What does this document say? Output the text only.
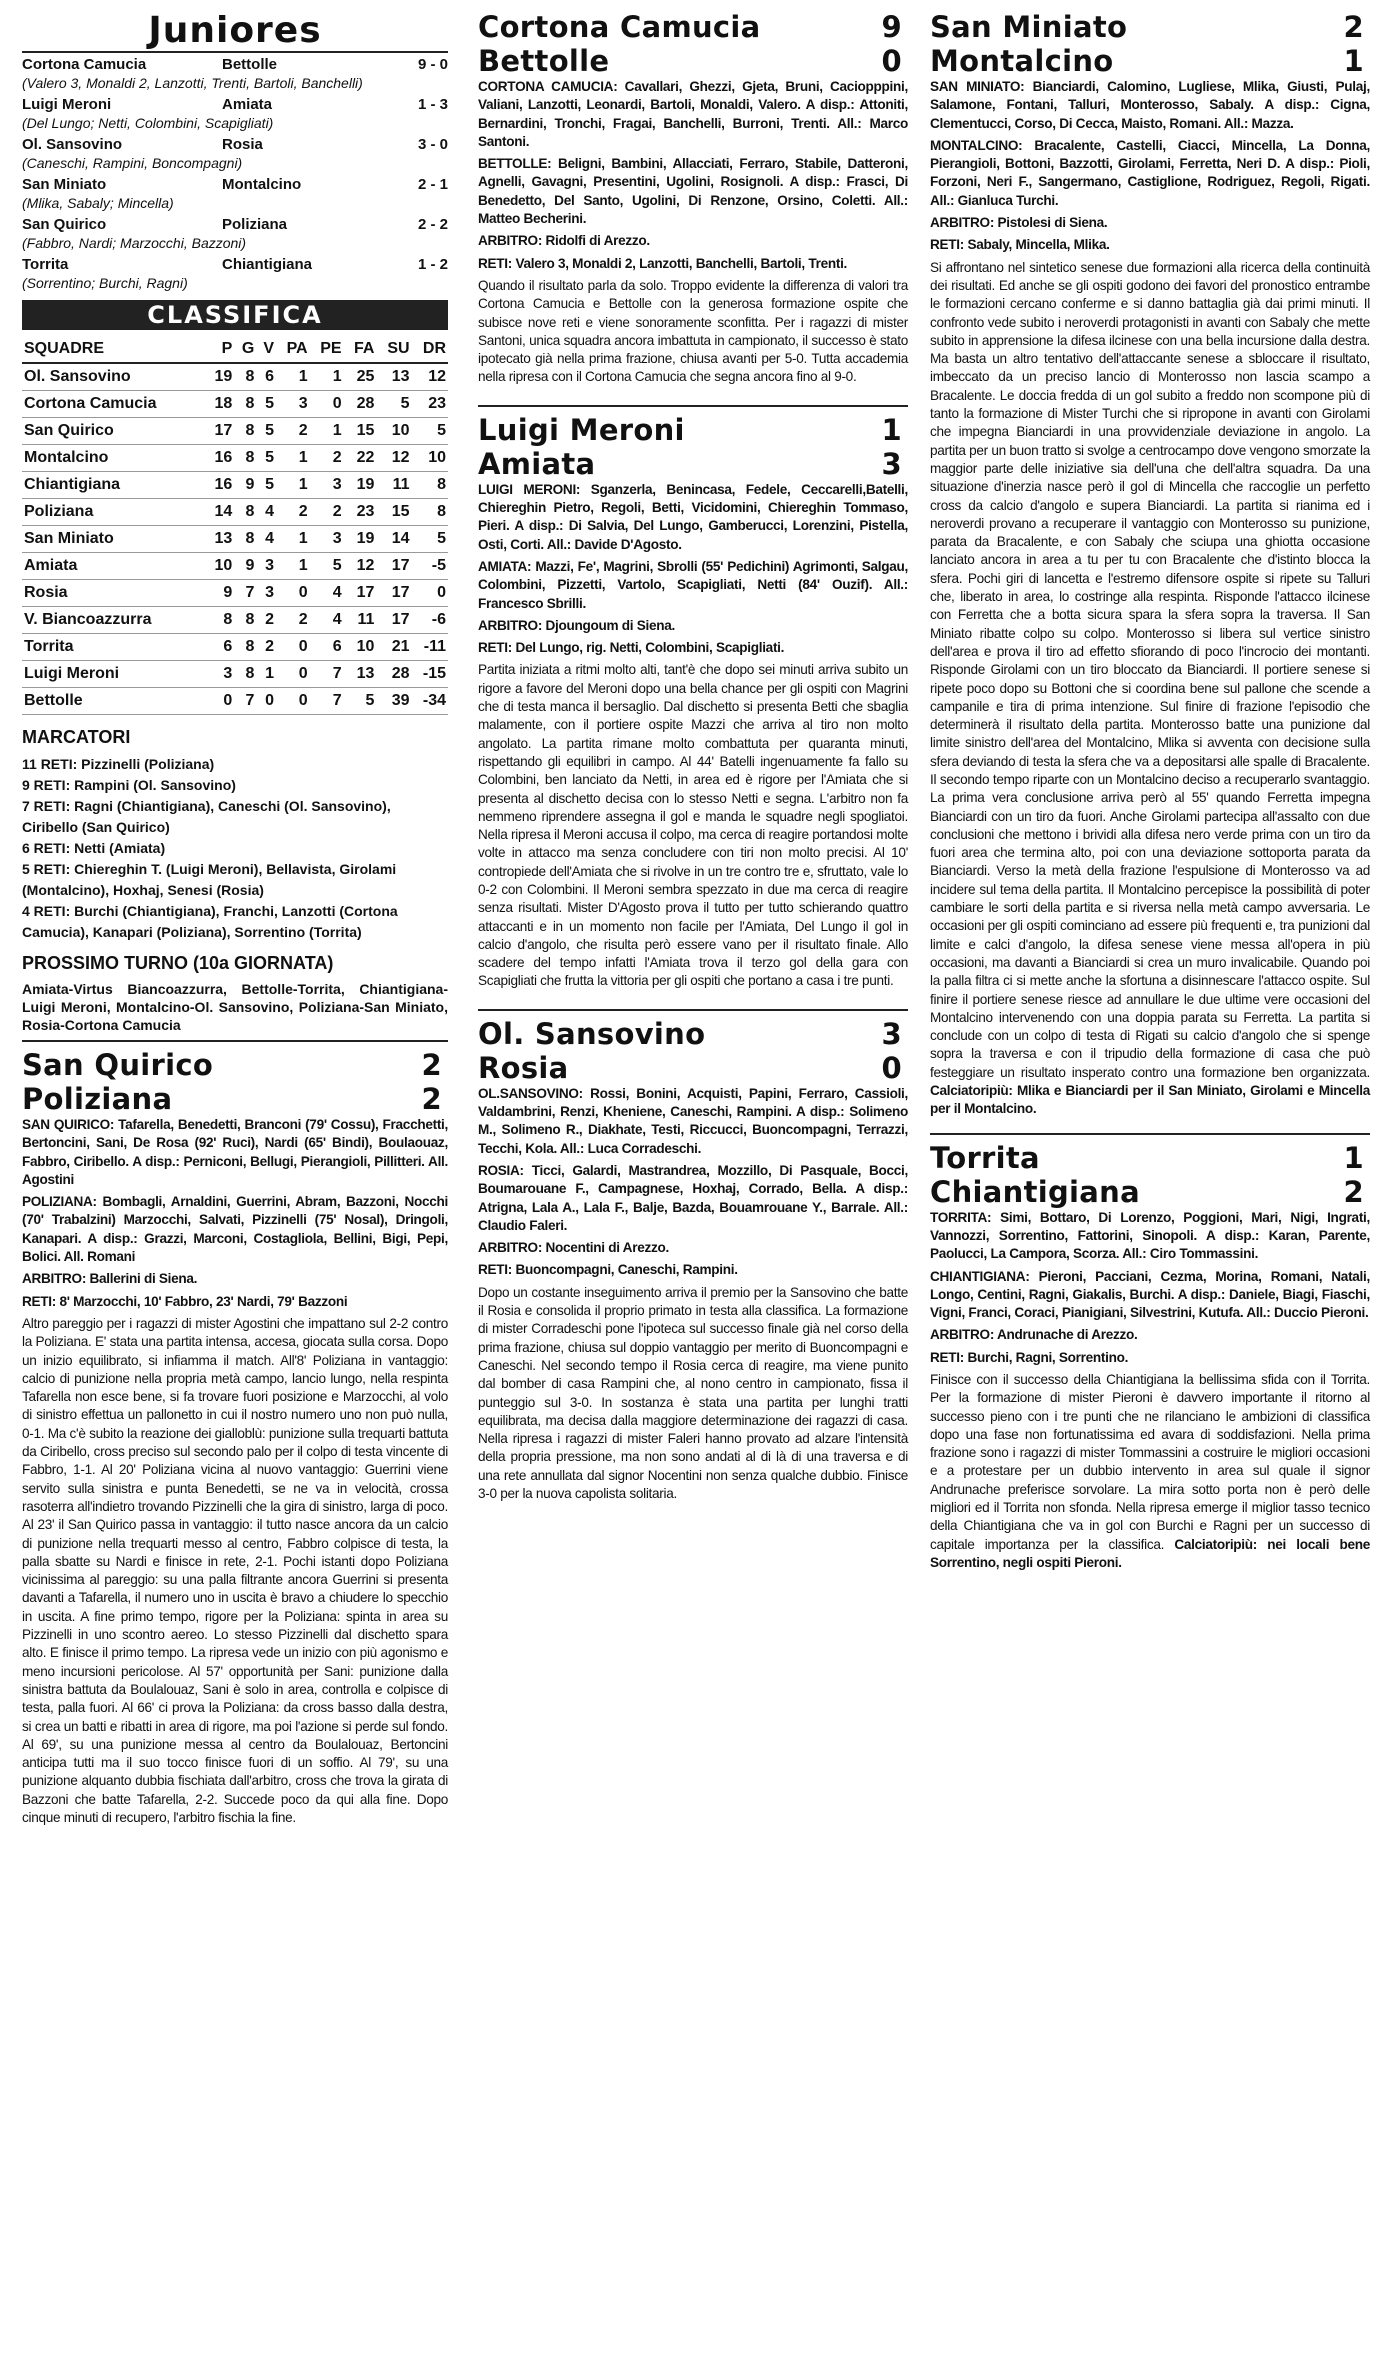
Juniores
Cortona Camucia	Bettolle	9 - 0
(Valero 3, Monaldi 2, Lanzotti, Trenti, Bartoli, Banchelli)
Luigi Meroni	Amiata	1 - 3
(Del Lungo; Netti, Colombini, Scapigliati)
Ol. Sansovino	Rosia	3 - 0
(Caneschi, Rampini, Boncompagni)
San Miniato	Montalcino	2 - 1
(Mlika, Sabaly; Mincella)
San Quirico	Poliziana	2 - 2
(Fabbro, Nardi; Marzocchi, Bazzoni)
Torrita	Chiantigiana	1 - 2
(Sorrentino; Burchi, Ragni)
CLASSIFICA
SQUADRE	P	G	V	PA	PE	FA	SU	DR
Ol. Sansovino	19	8	6	1	1	25	13	12
Cortona Camucia	18	8	5	3	0	28	5	23
San Quirico	17	8	5	2	1	15	10	5
Montalcino	16	8	5	1	2	22	12	10
Chiantigiana	16	9	5	1	3	19	11	8
Poliziana	14	8	4	2	2	23	15	8
San Miniato	13	8	4	1	3	19	14	5
Amiata	10	9	3	1	5	12	17	-5
Rosia	9	7	3	0	4	17	17	0
V. Biancoazzurra	8	8	2	2	4	11	17	-6
Torrita	6	8	2	0	6	10	21	-11
Luigi Meroni	3	8	1	0	7	13	28	-15
Bettolle	0	7	0	0	7	5	39	-34
MARCATORI
11 RETI: Pizzinelli (Poliziana)
9 RETI: Rampini (Ol. Sansovino)
7 RETI: Ragni (Chiantigiana), Caneschi (Ol. Sansovino), Ciribello (San Quirico)
6 RETI: Netti (Amiata)
5 RETI: Chiereghin T. (Luigi Meroni), Bellavista, Girolami (Montalcino), Hoxhaj, Senesi (Rosia)
4 RETI: Burchi (Chiantigiana), Franchi, Lanzotti (Cortona Camucia), Kanapari (Poliziana), Sorrentino (Torrita)
PROSSIMO TURNO (10a GIORNATA)
Amiata-Virtus Biancoazzurra, Bettolle-Torrita, Chiantigiana-Luigi Meroni, Montalcino-Ol. Sansovino, Poliziana-San Miniato, Rosia-Cortona Camucia
San Quirico	2
Poliziana	2
SAN QUIRICO: Tafarella, Benedetti, Branconi (79' Cossu), Fracchetti, Bertoncini, Sani, De Rosa (92' Ruci), Nardi (65' Bindi), Boulaouaz, Fabbro, Ciribello. A disp.: Perniconi, Bellugi, Pierangioli, Pillitteri. All. Agostini
POLIZIANA: Bombagli, Arnaldini, Guerrini, Abram, Bazzoni, Nocchi (70' Trabalzini) Marzocchi, Salvati, Pizzinelli (75' Nosal), Dringoli, Kanapari. A disp.: Grazzi, Marconi, Costagliola, Bellini, Bigi, Pepi, Bolici. All. Romani
ARBITRO: Ballerini di Siena.
RETI: 8' Marzocchi, 10' Fabbro, 23' Nardi, 79' Bazzoni
Altro pareggio per i ragazzi di mister Agostini che impattano sul 2-2 contro la Poliziana. E' stata una partita intensa, accesa, giocata sulla corsa. Dopo un inizio equilibrato, si infiamma il match. All'8' Poliziana in vantaggio: calcio di punizione nella propria metà campo, lancio lungo, nella respinta Tafarella non esce bene, si fa trovare fuori posizione e Marzocchi, al volo di sinistro effettua un pallonetto in cui il nostro numero uno non può nulla, 0-1. Ma c'è subito la reazione dei gialloblù: punizione sulla trequarti battuta da Ciribello, cross preciso sul secondo palo per il colpo di testa vincente di Fabbro, 1-1. Al 20' Poliziana vicina al nuovo vantaggio: Guerrini viene servito sulla sinistra e punta Benedetti, se ne va in velocità, crossa rasoterra all'indietro trovando Pizzinelli che la gira di sinistro, larga di poco. Al 23' il San Quirico passa in vantaggio: il tutto nasce ancora da un calcio di punizione nella trequarti messo al centro, Fabbro colpisce di testa, la palla sbatte su Nardi e finisce in rete, 2-1. Pochi istanti dopo Poliziana vicinissima al pareggio: su una palla filtrante ancora Guerrini si presenta davanti a Tafarella, il numero uno in uscita è bravo a chiudere lo specchio in uscita. A fine primo tempo, rigore per la Poliziana: spinta in area su Pizzinelli in uno scontro aereo. Lo stesso Pizzinelli dal dischetto spara alto. E finisce il primo tempo. La ripresa vede un inizio con più agonismo e meno incursioni pericolose. Al 57' opportunità per Sani: punizione dalla sinistra battuta da Boulalouaz, Sani è solo in area, controlla e colpisce di testa, palla fuori. Al 66' ci prova la Poliziana: da cross basso dalla destra, si crea un batti e ribatti in area di rigore, ma poi l'azione si perde sul fondo. Al 69', su una punizione messa al centro da Boulalouaz, Bertoncini anticipa tutti ma il suo tocco finisce fuori di un soffio. Al 79', su una punizione alquanto dubbia fischiata dall'arbitro, cross che trova la girata di Bazzoni che batte Tafarella, 2-2. Succede poco da qui alla fine. Dopo cinque minuti di recupero, l'arbitro fischia la fine.
Cortona Camucia	9
Bettolle	0
CORTONA CAMUCIA: Cavallari, Ghezzi, Gjeta, Bruni, Caciopppini, Valiani, Lanzotti, Leonardi, Bartoli, Monaldi, Valero. A disp.: Attoniti, Bernardini, Tronchi, Fragai, Banchelli, Burroni, Trenti. All.: Marco Santoni.
BETTOLLE: Beligni, Bambini, Allacciati, Ferraro, Stabile, Datteroni, Agnelli, Gavagni, Presentini, Ugolini, Rosignoli. A disp.: Frasci, Di Benedetto, Del Santo, Ugolini, Di Renzone, Orsino, Coletti. All.: Matteo Becherini.
ARBITRO: Ridolfi di Arezzo.
RETI: Valero 3, Monaldi 2, Lanzotti, Banchelli, Bartoli, Trenti.
Quando il risultato parla da solo. Troppo evidente la differenza di valori tra Cortona Camucia e Bettolle con la generosa formazione ospite che subisce nove reti e viene sonoramente sconfitta. Per i ragazzi di mister Santoni, unica squadra ancora imbattuta in campionato, il successo è stato ipotecato già nella prima frazione, chiusa avanti per 5-0. Tutta accademia nella ripresa con il Cortona Camucia che segna ancora fino al 9-0.
Luigi Meroni	1
Amiata	3
LUIGI MERONI: Sganzerla, Benincasa, Fedele, Ceccarelli,Batelli, Chiereghin Pietro, Regoli, Betti, Vicidomini, Chiereghin Tommaso, Pieri. A disp.: Di Salvia, Del Lungo, Gamberucci, Lorenzini, Pistella, Osti, Corti. All.: Davide D'Agosto.
AMIATA: Mazzi, Fe', Magrini, Sbrolli (55' Pedichini) Agrimonti, Salgau, Colombini, Pizzetti, Vartolo, Scapigliati, Netti (84' Ouzif). All.: Francesco Sbrilli.
ARBITRO: Djoungoum di Siena.
RETI: Del Lungo, rig. Netti, Colombini, Scapigliati.
Partita iniziata a ritmi molto alti, tant'è che dopo sei minuti arriva subito un rigore a favore del Meroni dopo una bella chance per gli ospiti con Magrini che di testa manca il bersaglio. Dal dischetto si presenta Betti che sbaglia malamente, con il portiere ospite Mazzi che arriva al tiro non molto angolato. La partita rimane molto combattuta per quaranta minuti, rispettando gli equilibri in campo. Al 44' Batelli ingenuamente fa fallo su Colombini, ben lanciato da Netti, in area ed è rigore per l'Amiata che si presenta al dischetto decisa con lo stesso Netti e segna. L'arbitro non fa nemmeno riprendere assegna il gol e manda le squadre negli spogliatoi. Nella ripresa il Meroni accusa il colpo, ma cerca di reagire portandosi molte volte in attacco ma senza concludere con tiri non molto precisi. Al 10' contropiede dell'Amiata che si rivolve in un tre contro tre e, sfruttato, vale lo 0-2 con Colombini. Il Meroni sembra spezzato in due ma cerca di reagire senza risultati. Mister D'Agosto prova il tutto per tutto schierando quattro attaccanti e in un momento non facile per l'Amiata, Del Lungo il gol in calcio d'angolo, che risulta però essere vano per il risultato finale. Allo scadere del tempo infatti l'Amiata trova il terzo gol della gara con Scapigliati che frutta la vittoria per gli ospiti che portano a casa i tre punti.
Ol. Sansovino	3
Rosia	0
OL.SANSOVINO: Rossi, Bonini, Acquisti, Papini, Ferraro, Cassioli, Valdambrini, Renzi, Kheniene, Caneschi, Rampini. A disp.: Solimeno M., Solimeno R., Diakhate, Testi, Riccucci, Buoncompagni, Terrazzi, Tecchi, Kola. All.: Luca Corradeschi.
ROSIA: Ticci, Galardi, Mastrandrea, Mozzillo, Di Pasquale, Bocci, Boumarouane F., Campagnese, Hoxhaj, Corrado, Bella. A disp.: Atrigna, Lala A., Lala F., Balje, Bazda, Bouamrouane Y., Barrale. All.: Claudio Faleri.
ARBITRO: Nocentini di Arezzo.
RETI: Buoncompagni, Caneschi, Rampini.
Dopo un costante inseguimento arriva il premio per la Sansovino che batte il Rosia e consolida il proprio primato in testa alla classifica. La formazione di mister Corradeschi pone l'ipoteca sul successo finale già nel corso della prima frazione, chiusa sul doppio vantaggio per merito di Buoncompagni e Caneschi. Nel secondo tempo il Rosia cerca di reagire, ma viene punito dal bomber di casa Rampini che, al nono centro in campionato, fissa il punteggio sul 3-0. In sostanza è stata una partita per lunghi tratti equilibrata, ma decisa dalla maggiore determinazione dei ragazzi di casa. Nella ripresa i ragazzi di mister Faleri hanno provato ad alzare l'intensità della propria pressione, ma non sono andati al di là di una traversa e di una rete annullata dal signor Nocentini non senza qualche dubbio. Finisce 3-0 per la nuova capolista solitaria.
San Miniato	2
Montalcino	1
SAN MINIATO: Bianciardi, Calomino, Lugliese, Mlika, Giusti, Pulaj, Salamone, Fontani, Talluri, Monterosso, Sabaly. A disp.: Cigna, Clementucci, Corso, Di Cecca, Maisto, Romani. All.: Mazza.
MONTALCINO: Bracalente, Castelli, Ciacci, Mincella, La Donna, Pierangioli, Bottoni, Bazzotti, Girolami, Ferretta, Neri D. A disp.: Pioli, Forzoni, Neri F., Sangermano, Castiglione, Rodriguez, Regoli, Rigati. All.: Gianluca Turchi.
ARBITRO: Pistolesi di Siena.
RETI: Sabaly, Mincella, Mlika.
Si affrontano nel sintetico senese due formazioni alla ricerca della continuità dei risultati. Ed anche se gli ospiti godono dei favori del pronostico entrambe le formazioni cercano conferme e si danno battaglia già dai primi minuti. Il confronto vede subito i neroverdi protagonisti in avanti con Sabaly che mette subito in apprensione la difesa ilcinese con una bella incursione dalla destra. Ma basta un altro tentativo dell'attaccante senese a sbloccare il risultato, imbeccato da un preciso lancio di Monterosso non lascia scampo a Bracalente. Le doccia fredda di un gol subito a freddo non scompone più di tanto la formazione di Mister Turchi che si ripropone in avanti con Girolami che impegna Bianciardi in una provvidenziale deviazione in angolo. La partita per un buon tratto si svolge a centrocampo dove vengono smorzate la maggior parte delle iniziative sia dell'una che dell'altra squadra. Da una situazione d'inerzia nasce però il gol di Mincella che raccoglie un perfetto cross da calcio d'angolo e supera Bianciardi. La partita si rianima ed i neroverdi provano a recuperare il vantaggio con Monterosso su punizione, parata da Bracalente, e con Sabaly che sciupa una ghiotta occasione lanciato ancora in area a tu per tu con Bracalente che d'istinto blocca la sfera. Pochi giri di lancetta e l'estremo difensore ospite si ripete su Talluri che, liberato in area, lo costringe alla respinta. Risponde l'attacco ilcinese con Ferretta che a botta sicura spara la sfera sopra la traversa. Il San Miniato ribatte colpo su colpo. Monterosso si libera sul vertice sinistro dell'area e prova il tiro ad effetto sfiorando di poco l'incrocio dei montanti. Risponde Girolami con un tiro bloccato da Bianciardi. Il portiere senese si ripete poco dopo su Bottoni che si coordina bene sul pallone che scende a campanile e tira di prima intenzione. Sul finire di frazione l'episodio che determinerà il risultato della partita. Monterosso batte una punizione dal limite sinistro dell'area del Montalcino, Mlika si avventa con decisione sulla sfera deviando di testa la sfera che va a depositarsi alle spalle di Bracalente. Il secondo tempo riparte con un Montalcino deciso a recuperarlo svantaggio. La prima vera conclusione arriva però al 55' quando Ferretta impegna Bianciardi con un tiro da fuori. Anche Girolami partecipa all'assalto con due conclusioni che mettono i brividi alla difesa nero verde prima con un tiro da fuori area che termina alto, poi con una deviazione sottoporta parata da Bianciardi. Verso la metà della frazione l'espulsione di Monterosso va ad incidere sul tema della partita. Il Montalcino percepisce la possibilità di poter cambiare le sorti della partita e si riversa nella metà campo avversaria. Le occasioni per gli ospiti cominciano ad essere più frequenti e, tra punizioni dal limite e calci d'angolo, la difesa senese viene messa all'opera in più occasioni, ma davanti a Bianciardi si crea un muro invalicabile. Quando poi la palla filtra ci si mette anche la sfortuna a disinnescare l'attacco ospite. Sul finire il portiere senese riesce ad annullare le due ultime vere occasioni del Montalcino intervenendo con una doppia parata su Ferretta. La partita si conclude con un colpo di testa di Rigati su calcio d'angolo che si spenge sopra la traversa e con il tripudio della formazione di casa che può festeggiare un risultato insperato contro una formazione ben organizzata. Calciatoripiù: Mlika e Bianciardi per il San Miniato, Girolami e Mincella per il Montalcino.
Torrita	1
Chiantigiana	2
TORRITA: Simi, Bottaro, Di Lorenzo, Poggioni, Mari, Nigi, Ingrati, Vannozzi, Sorrentino, Fattorini, Sinopoli. A disp.: Karan, Parente, Paolucci, La Campora, Scorza. All.: Ciro Tommassini.
CHIANTIGIANA: Pieroni, Pacciani, Cezma, Morina, Romani, Natali, Longo, Centini, Ragni, Giakalis, Burchi. A disp.: Daniele, Biagi, Fiaschi, Vigni, Franci, Coraci, Pianigiani, Silvestrini, Kutufa. All.: Duccio Pieroni.
ARBITRO: Andrunache di Arezzo.
RETI: Burchi, Ragni, Sorrentino.
Finisce con il successo della Chiantigiana la bellissima sfida con il Torrita. Per la formazione di mister Pieroni è davvero importante il ritorno al successo pieno con i tre punti che ne rilanciano le ambizioni di classifica dopo una fase non fortunatissima ed avara di soddisfazioni. Nella prima frazione sono i ragazzi di mister Tommassini a costruire le migliori occasioni e a protestare per un dubbio intervento in area sul quale il signor Andrunache preferisce sorvolare. La mira sotto porta non è però delle migliori ed il Torrita non sfonda. Nella ripresa emerge il miglior tasso tecnico della Chiantigiana che va in gol con Burchi e Ragni per un successo di capitale importanza per la classifica. Calciatoripiù: nei locali bene Sorrentino, negli ospiti Pieroni.
